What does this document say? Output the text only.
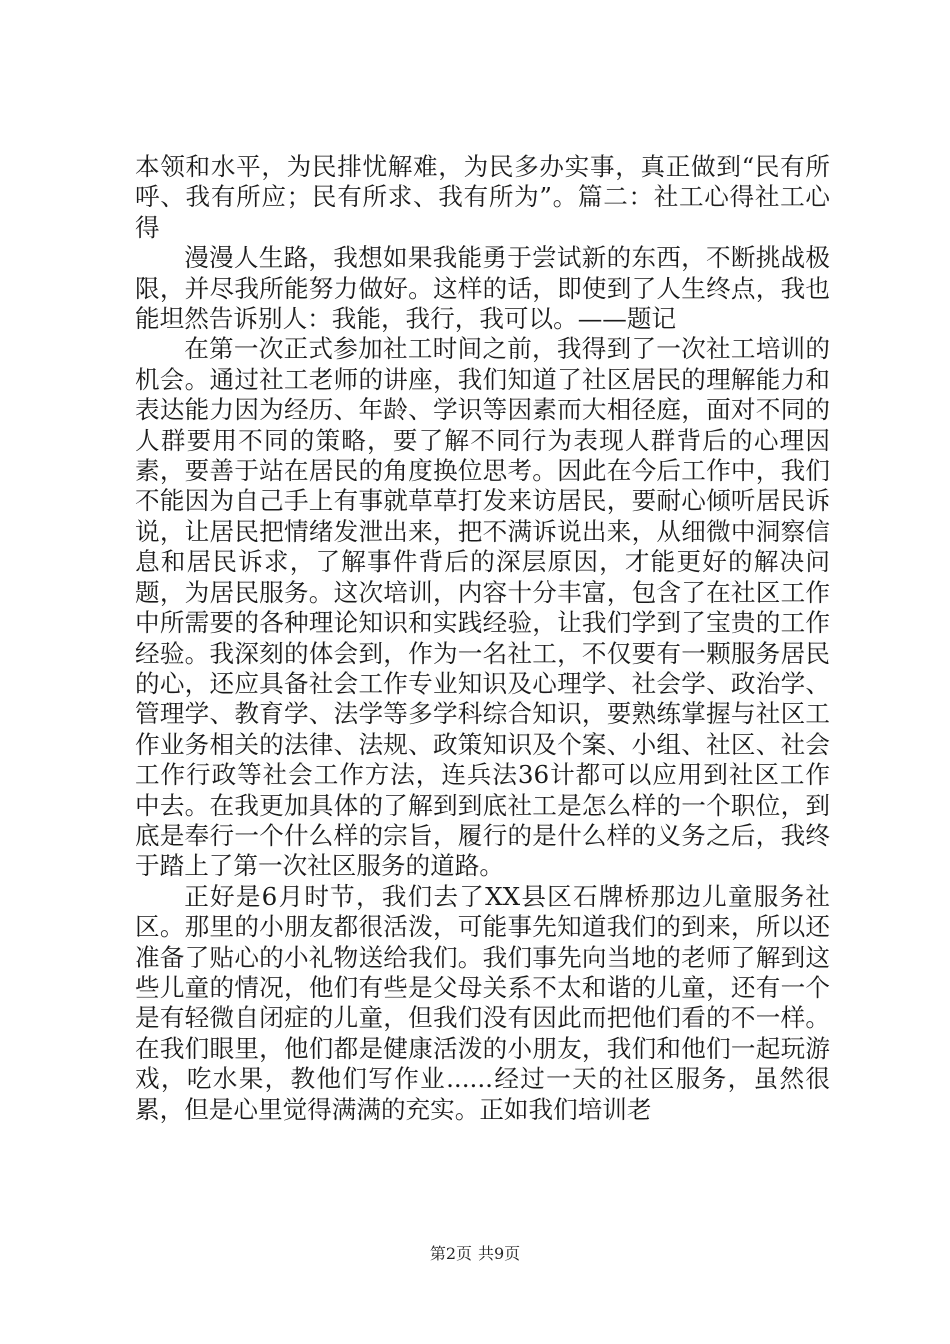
本领和水平，为民排忧解难，为民多办实事，真正做到“民有所呼、我有所应；民有所求、我有所为”。篇二：社工心得社工心得

漫漫人生路，我想如果我能勇于尝试新的东西，不断挑战极限，并尽我所能努力做好。这样的话，即使到了人生终点，我也能坦然告诉别人：我能，我行，我可以。——题记

在第一次正式参加社工时间之前，我得到了一次社工培训的机会。通过社工老师的讲座，我们知道了社区居民的理解能力和表达能力因为经历、年龄、学识等因素而大相径庭，面对不同的人群要用不同的策略，要了解不同行为表现人群背后的心理因素，要善于站在居民的角度换位思考。因此在今后工作中，我们不能因为自己手上有事就草草打发来访居民，要耐心倾听居民诉说，让居民把情绪发泄出来，把不满诉说出来，从细微中洞察信息和居民诉求，了解事件背后的深层原因，才能更好的解决问题，为居民服务。这次培训，内容十分丰富，包含了在社区工作中所需要的各种理论知识和实践经验，让我们学到了宝贵的工作经验。我深刻的体会到，作为一名社工，不仅要有一颗服务居民的心，还应具备社会工作专业知识及心理学、社会学、政治学、管理学、教育学、法学等多学科综合知识，要熟练掌握与社区工作业务相关的法律、法规、政策知识及个案、小组、社区、社会工作行政等社会工作方法，连兵法36计都可以应用到社区工作中去。在我更加具体的了解到到底社工是怎么样的一个职位，到底是奉行一个什么样的宗旨，履行的是什么样的义务之后，我终于踏上了第一次社区服务的道路。

正好是6月时节，我们去了XX县区石牌桥那边儿童服务社区。那里的小朋友都很活泼，可能事先知道我们的到来，所以还准备了贴心的小礼物送给我们。我们事先向当地的老师了解到这些儿童的情况，他们有些是父母关系不太和谐的儿童，还有一个是有轻微自闭症的儿童，但我们没有因此而把他们看的不一样。在我们眼里，他们都是健康活泼的小朋友，我们和他们一起玩游戏，吃水果，教他们写作业......经过一天的社区服务，虽然很累，但是心里觉得满满的充实。正如我们培训老

第2页 共9页
